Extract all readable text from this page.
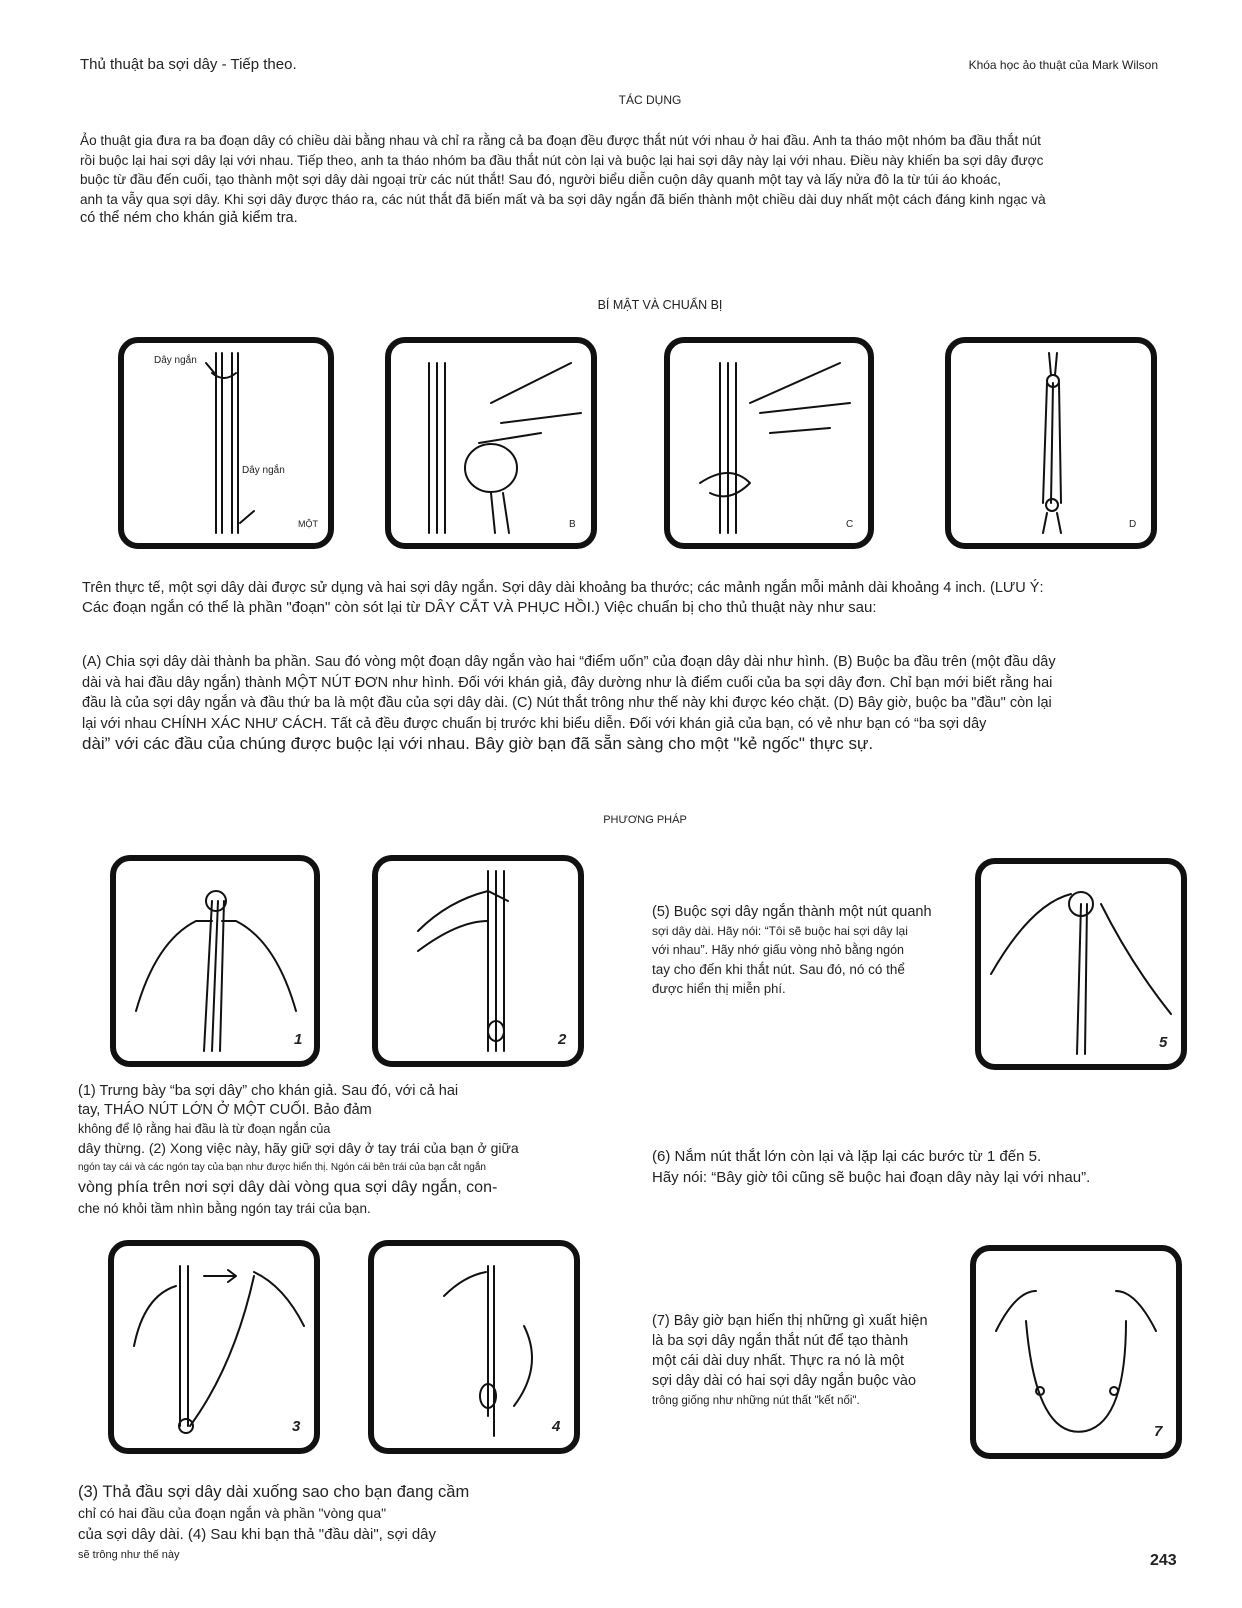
Thủ thuật ba sợi dây - Tiếp theo.	Khóa học ảo thuật của Mark Wilson
TÁC DỤNG
Ảo thuật gia đưa ra ba đoạn dây có chiều dài bằng nhau và chỉ ra rằng cả ba đoạn đều được thắt nút với nhau ở hai đầu. Anh ta tháo một nhóm ba đầu thắt nút
rồi buộc lại hai sợi dây lại với nhau. Tiếp theo, anh ta tháo nhóm ba đầu thắt nút còn lại và buộc lại hai sợi dây này lại với nhau. Điều này khiến ba sợi dây được
buộc từ đầu đến cuối, tạo thành một sợi dây dài ngoại trừ các nút thắt! Sau đó, người biểu diễn cuộn dây quanh một tay và lấy nửa đô la từ túi áo khoác,
anh ta vẫy qua sợi dây. Khi sợi dây được tháo ra, các nút thắt đã biến mất và ba sợi dây ngắn đã biến thành một chiều dài duy nhất một cách đáng kinh ngạc và
có thể ném cho khán giả kiểm tra.
BÍ MẬT VÀ CHUẨN BỊ
Dây ngắn
Dây ngắn
MỘT	B	C	D
Trên thực tế, một sợi dây dài được sử dụng và hai sợi dây ngắn. Sợi dây dài khoảng ba thước; các mảnh ngắn mỗi mảnh dài khoảng 4 inch. (LƯU Ý:
Các đoạn ngắn có thể là phần "đoạn" còn sót lại từ DÂY CẮT VÀ PHỤC HỒI.) Việc chuẩn bị cho thủ thuật này như sau:
(A) Chia sợi dây dài thành ba phần. Sau đó vòng một đoạn dây ngắn vào hai “điểm uốn” của đoạn dây dài như hình. (B) Buộc ba đầu trên (một đầu dây
dài và hai đầu dây ngắn) thành MỘT NÚT ĐƠN như hình. Đối với khán giả, đây dường như là điểm cuối của ba sợi dây đơn. Chỉ bạn mới biết rằng hai
đầu là của sợi dây ngắn và đầu thứ ba là một đầu của sợi dây dài. (C) Nút thắt trông như thế này khi được kéo chặt. (D) Bây giờ, buộc ba "đầu" còn lại
lại với nhau CHÍNH XÁC NHƯ CÁCH. Tất cả đều được chuẩn bị trước khi biểu diễn. Đối với khán giả của bạn, có vẻ như bạn có “ba sợi dây
dài” với các đầu của chúng được buộc lại với nhau. Bây giờ bạn đã sẵn sàng cho một "kẻ ngốc" thực sự.
PHƯƠNG PHÁP
1	2
(5) Buộc sợi dây ngắn thành một nút quanh
sợi dây dài. Hãy nói: “Tôi sẽ buộc hai sợi dây lại
với nhau”. Hãy nhớ giấu vòng nhỏ bằng ngón
tay cho đến khi thắt nút. Sau đó, nó có thể
được hiển thị miễn phí.
5
(1) Trưng bày “ba sợi dây” cho khán giả. Sau đó, với cả hai
tay, THÁO NÚT LỚN Ở MỘT CUỐI. Bảo đảm
không để lộ rằng hai đầu là từ đoạn ngắn của
dây thừng. (2) Xong việc này, hãy giữ sợi dây ở tay trái của bạn ở giữa
ngón tay cái và các ngón tay của bạn như được hiển thị. Ngón cái bên trái của bạn cắt ngắn
vòng phía trên nơi sợi dây dài vòng qua sợi dây ngắn, con-
che nó khỏi tầm nhìn bằng ngón tay trái của bạn.
(6) Nắm nút thắt lớn còn lại và lặp lại các bước từ 1 đến 5.
Hãy nói: “Bây giờ tôi cũng sẽ buộc hai đoạn dây này lại với nhau”.
3	4
(7) Bây giờ bạn hiển thị những gì xuất hiện
là ba sợi dây ngắn thắt nút để tạo thành
một cái dài duy nhất. Thực ra nó là một
sợi dây dài có hai sợi dây ngắn buộc vào
trông giống như những nút thất "kết nối".
7
(3) Thả đầu sợi dây dài xuống sao cho bạn đang cầm
chỉ có hai đầu của đoạn ngắn và phần "vòng qua"
của sợi dây dài. (4) Sau khi bạn thả "đầu dài", sợi dây
sẽ trông như thế này	243
